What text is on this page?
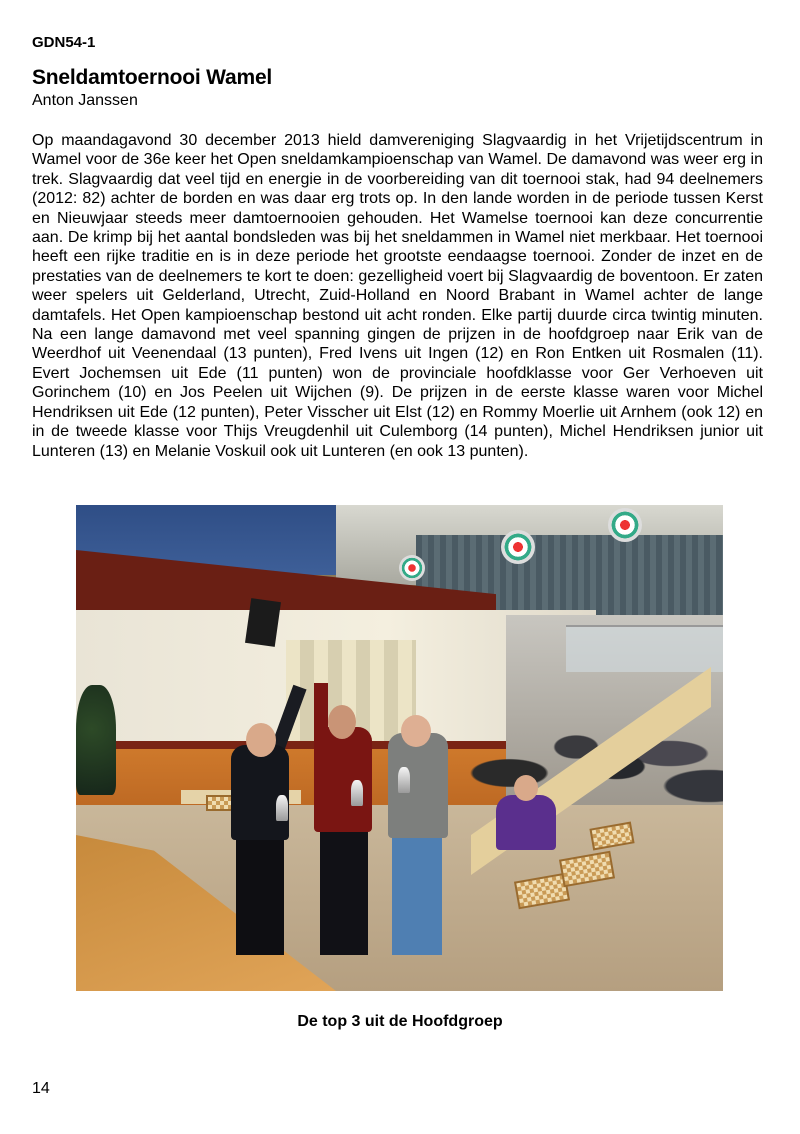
GDN54-1
Sneldamtoernooi Wamel
Anton Janssen
Op maandagavond 30 december 2013 hield damvereniging Slagvaardig in het Vrijetijdscentrum in Wamel voor de 36e keer het Open sneldamkampioenschap van Wamel. De damavond was weer erg in trek. Slagvaardig dat veel tijd en energie in de voorbereiding van dit toernooi stak, had 94 deelnemers (2012: 82) achter de borden en was daar erg trots op. In den lande worden in de periode tussen Kerst en Nieuwjaar steeds meer damtoernooien gehouden. Het Wamelse toernooi kan deze concurrentie aan. De krimp bij het aantal bondsleden was bij het sneldammen in Wamel niet merkbaar. Het toernooi heeft een rijke traditie en is in deze periode het grootste eendaagse toernooi. Zonder de inzet en de prestaties van de deelnemers te kort te doen: gezelligheid voert bij Slagvaardig de boventoon. Er zaten weer spelers uit Gelderland, Utrecht, Zuid-Holland en Noord Brabant in Wamel achter de lange damtafels. Het Open kampioenschap bestond uit acht ronden. Elke partij duurde circa twintig minuten. Na een lange damavond met veel spanning gingen de prijzen in de hoofdgroep naar Erik van de Weerdhof uit Veenendaal (13 punten), Fred Ivens uit Ingen (12) en Ron Entken uit Rosmalen (11). Evert Jochemsen uit Ede (11 punten) won de provinciale hoofdklasse voor Ger Verhoeven uit Gorinchem (10) en Jos Peelen uit Wijchen (9). De prijzen in de eerste klasse waren voor Michel Hendriksen uit Ede (12 punten), Peter Visscher uit Elst (12) en Rommy Moerlie uit Arnhem (ook 12) en in de tweede klasse voor Thijs Vreugdenhil uit Culemborg (14 punten), Michel Hendriksen junior uit Lunteren (13) en Melanie Voskuil ook uit Lunteren (en ook 13 punten).
De top 3 uit de Hoofdgroep
14
